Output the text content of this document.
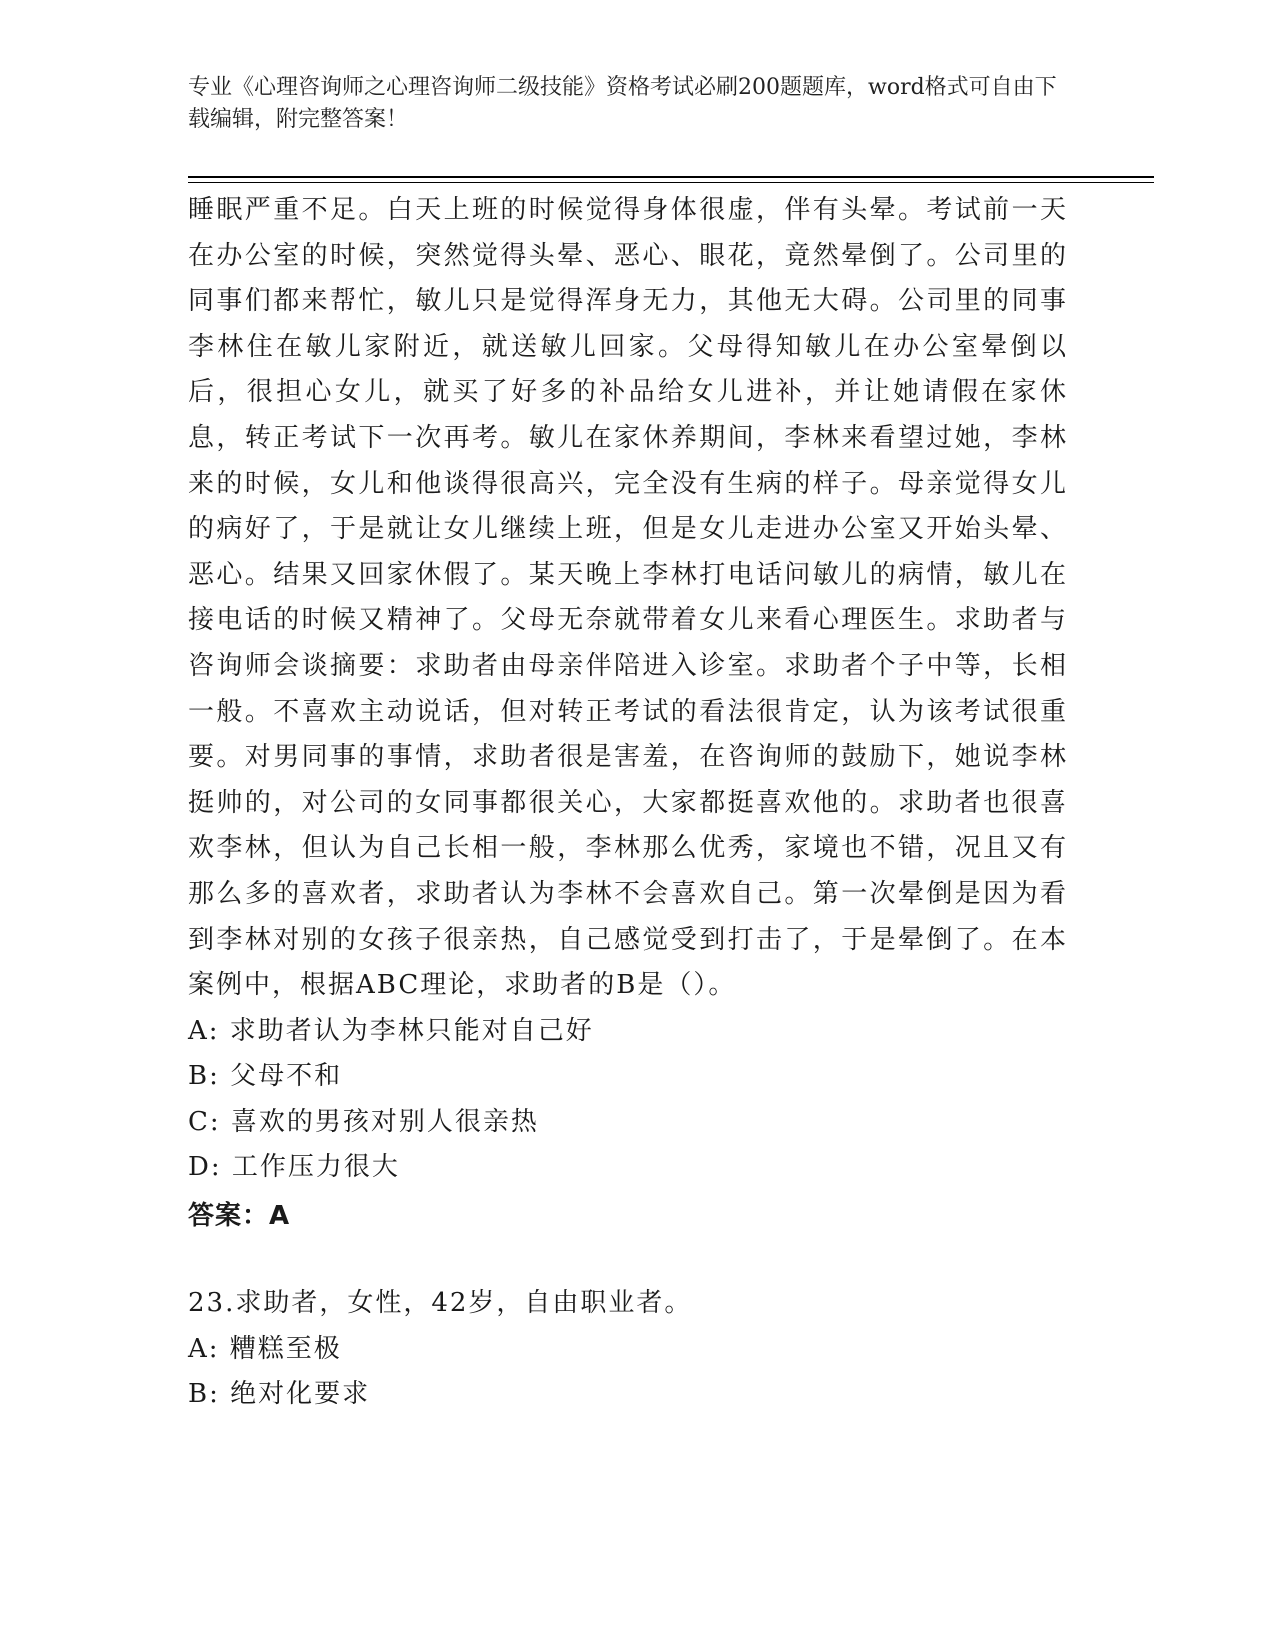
专业《心理咨询师之心理咨询师二级技能》资格考试必刷200题题库，word格式可自由下载编辑，附完整答案！

睡眠严重不足。白天上班的时候觉得身体很虚，伴有头晕。考试前一天在办公室的时候，突然觉得头晕、恶心、眼花，竟然晕倒了。公司里的同事们都来帮忙，敏儿只是觉得浑身无力，其他无大碍。公司里的同事李林住在敏儿家附近，就送敏儿回家。父母得知敏儿在办公室晕倒以后，很担心女儿，就买了好多的补品给女儿进补，并让她请假在家休息，转正考试下一次再考。敏儿在家休养期间，李林来看望过她，李林来的时候，女儿和他谈得很高兴，完全没有生病的样子。母亲觉得女儿的病好了，于是就让女儿继续上班，但是女儿走进办公室又开始头晕、恶心。结果又回家休假了。某天晚上李林打电话问敏儿的病情，敏儿在接电话的时候又精神了。父母无奈就带着女儿来看心理医生。求助者与咨询师会谈摘要：求助者由母亲伴陪进入诊室。求助者个子中等，长相一般。不喜欢主动说话，但对转正考试的看法很肯定，认为该考试很重要。对男同事的事情，求助者很是害羞，在咨询师的鼓励下，她说李林挺帅的，对公司的女同事都很关心，大家都挺喜欢他的。求助者也很喜欢李林，但认为自己长相一般，李林那么优秀，家境也不错，况且又有那么多的喜欢者，求助者认为李林不会喜欢自己。第一次晕倒是因为看到李林对别的女孩子很亲热，自己感觉受到打击了，于是晕倒了。在本案例中，根据ABC理论，求助者的B是（）。

A: 求助者认为李林只能对自己好
B: 父母不和
C: 喜欢的男孩对别人很亲热
D: 工作压力很大
答案：A
23.求助者，女性，42岁，自由职业者。
A: 糟糕至极
B: 绝对化要求
